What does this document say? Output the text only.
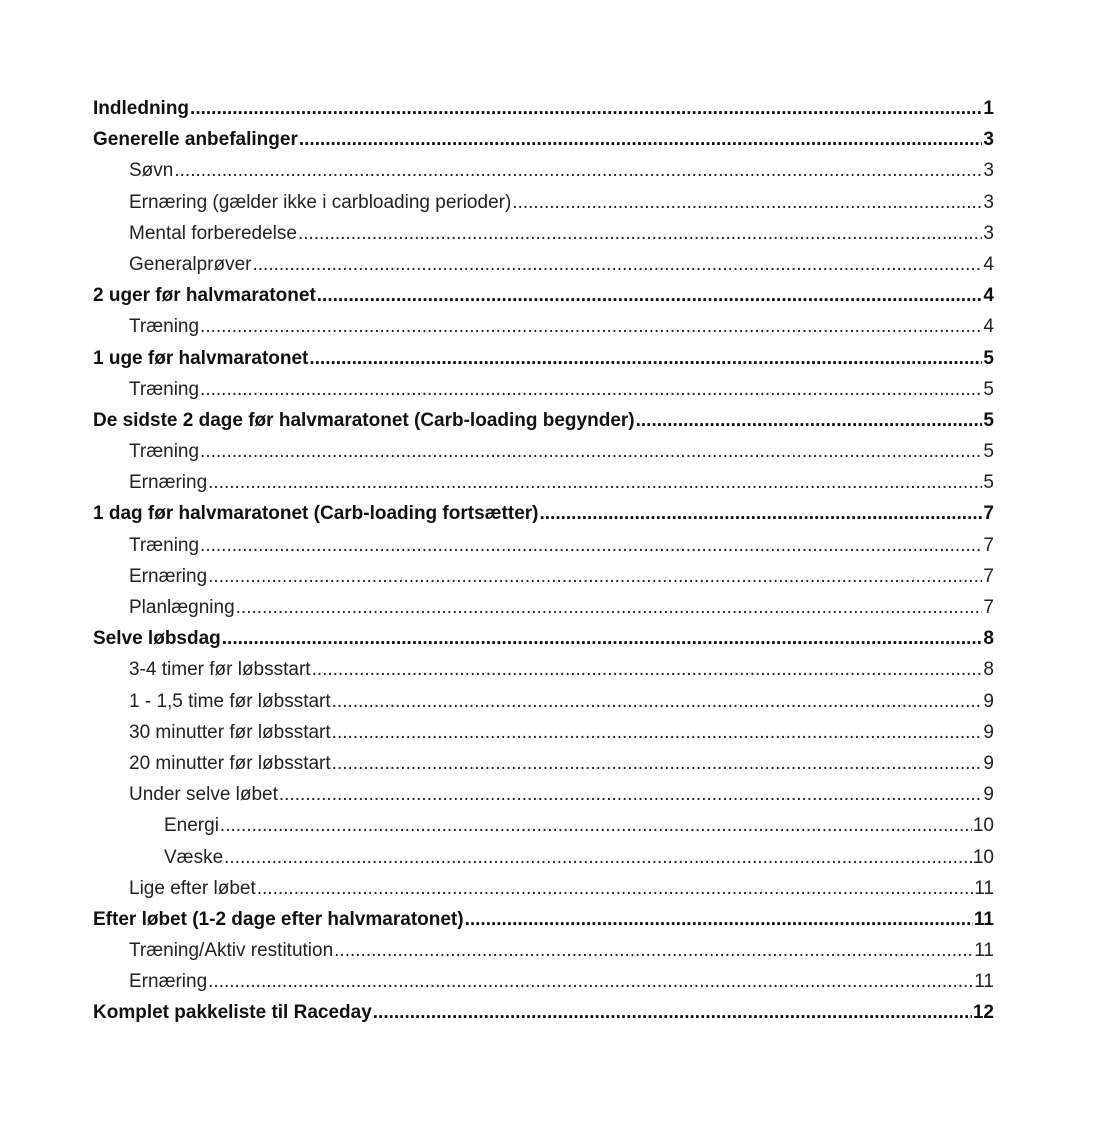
Indledning .....	1
Generelle anbefalinger .....	3
Søvn .....	3
Ernæring (gælder ikke i carbloading perioder) .....	3
Mental forberedelse .....	3
Generalprøver .....	4
2 uger før halvmaratonet .....	4
Træning .....	4
1 uge før halvmaratonet .....	5
Træning .....	5
De sidste 2 dage før halvmaratonet (Carb-loading begynder) .....	5
Træning .....	5
Ernæring .....	5
1 dag før halvmaratonet (Carb-loading fortsætter) .....	7
Træning .....	7
Ernæring .....	7
Planlægning .....	7
Selve løbsdag .....	8
3-4 timer før løbsstart .....	8
1 - 1,5 time før løbsstart .....	9
30 minutter før løbsstart .....	9
20 minutter før løbsstart .....	9
Under selve løbet .....	9
Energi .....	10
Væske .....	10
Lige efter løbet .....	11
Efter løbet (1-2 dage efter halvmaratonet) .....	11
Træning/Aktiv restitution .....	11
Ernæring .....	11
Komplet pakkeliste til Raceday .....	12
